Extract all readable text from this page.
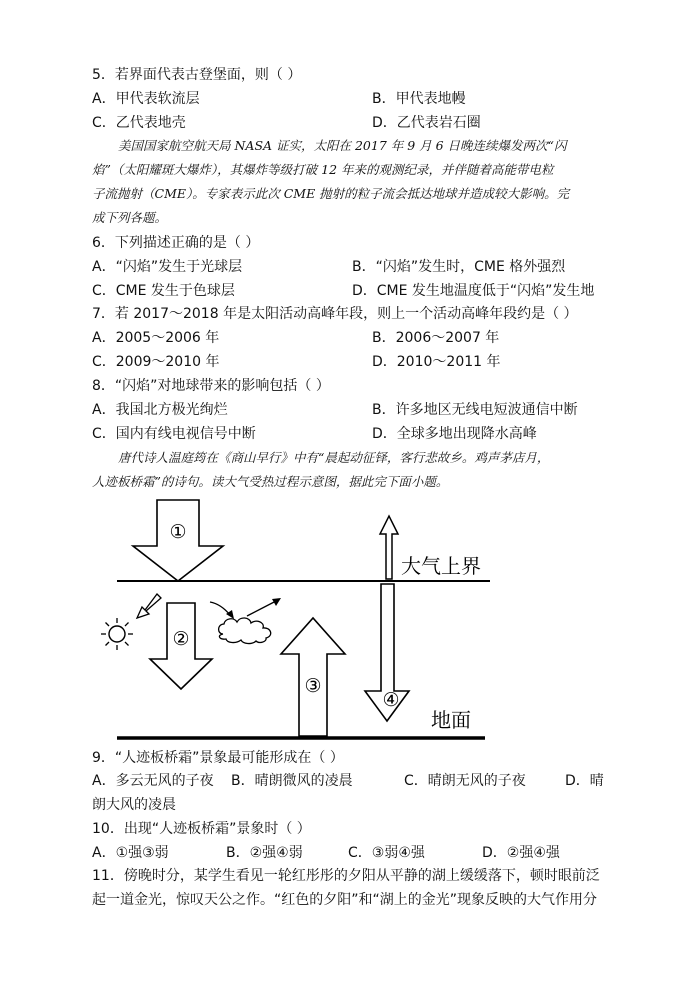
5．若界面代表古登堡面，则（ ）
A．甲代表软流层	B．甲代表地幔
C．乙代表地壳	D．乙代表岩石圈
美国国家航空航天局 NASA 证实，太阳在 2017 年 9 月 6 日晚连续爆发两次“闪
焰”（太阳耀斑大爆炸），其爆炸等级打破 12 年来的观测纪录，并伴随着高能带电粒
子流抛射（CME）。专家表示此次 CME 抛射的粒子流会抵达地球并造成较大影响。完
成下列各题。
6．下列描述正确的是（ ）
A．“闪焰”发生于光球层	B．“闪焰”发生时，CME 格外强烈
C．CME 发生于色球层	D．CME 发生地温度低于“闪焰”发生地
7．若 2017～2018 年是太阳活动高峰年段，则上一个活动高峰年段约是（ ）
A．2005～2006 年	B．2006～2007 年
C．2009～2010 年	D．2010～2011 年
8．“闪焰”对地球带来的影响包括（ ）
A．我国北方极光绚烂	B．许多地区无线电短波通信中断
C．国内有线电视信号中断	D．全球多地出现降水高峰
唐代诗人温庭筠在《商山早行》中有“晨起动征铎，客行悲故乡。鸡声茅店月，
人迹板桥霜”的诗句。读大气受热过程示意图，据此完下面小题。
①
②
③
④
大气上界
地面
9．“人迹板桥霜”景象最可能形成在（ ）
A．多云无风的子夜 B．晴朗微风的凌晨	C．晴朗无风的子夜	D．晴
朗大风的凌晨
10．出现“人迹板桥霜”景象时（ ）
A．①强③弱	B．②强④弱	C．③弱④强	D．②强④强
11．傍晚时分，某学生看见一轮红彤彤的夕阳从平静的湖上缓缓落下，顿时眼前泛
起一道金光，惊叹天公之作。“红色的夕阳”和“湖上的金光”现象反映的大气作用分
